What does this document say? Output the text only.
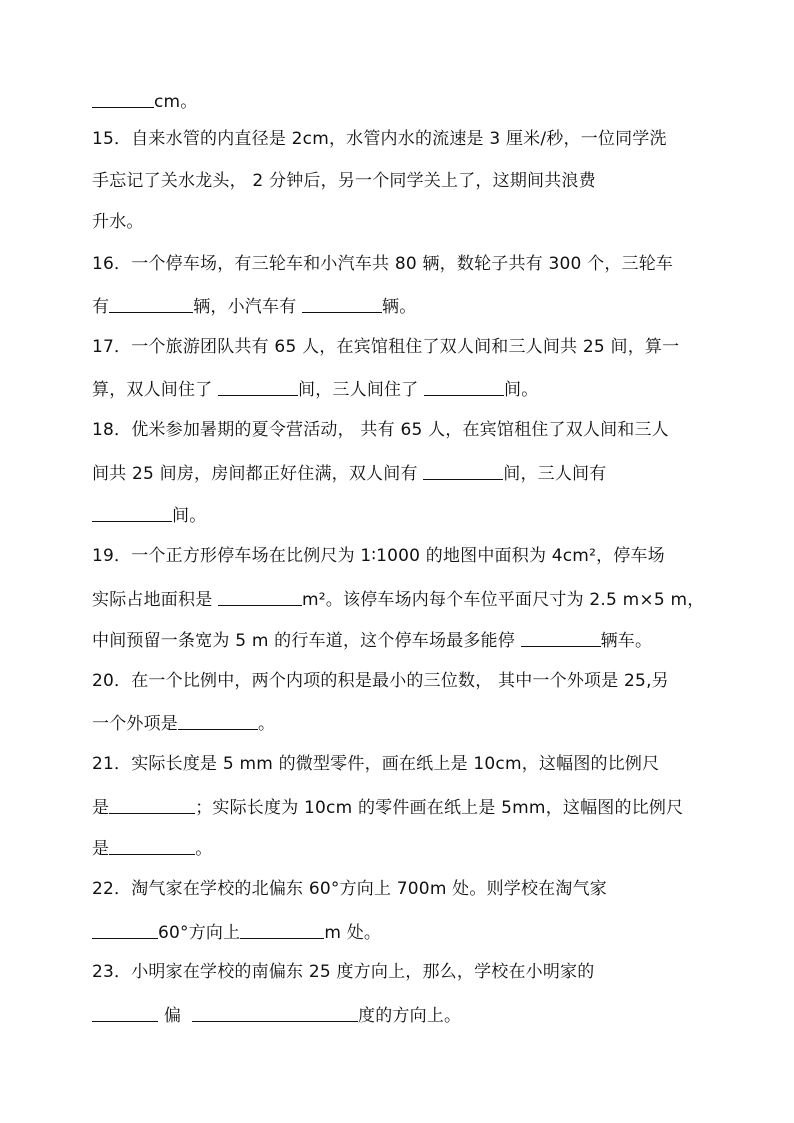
cm。
15．自来水管的内直径是 2cm，水管内水的流速是 3 厘米/秒，一位同学洗
手忘记了关水龙头， 2 分钟后，另一个同学关上了，这期间共浪费
升水。
16．一个停车场，有三轮车和小汽车共 80 辆，数轮子共有 300 个，三轮车
有	辆，小汽车有	辆。
17．一个旅游团队共有 65 人，在宾馆租住了双人间和三人间共 25 间，算一
算，双人间住了	间，三人间住了	间。
18．优米参加暑期的夏令营活动， 共有 65 人，在宾馆租住了双人间和三人
间共 25 间房，房间都正好住满，双人间有	间，三人间有
间。
19．一个正方形停车场在比例尺为 1∶1000 的地图中面积为 4cm²，停车场
实际占地面积是	m²。该停车场内每个车位平面尺寸为 2.5 m×5 m，
中间预留一条宽为 5 m 的行车道，这个停车场最多能停	辆车。
20．在一个比例中，两个内项的积是最小的三位数， 其中一个外项是 25,另
一个外项是	。
21．实际长度是 5 mm 的微型零件，画在纸上是 10cm，这幅图的比例尺
是	；实际长度为 10cm 的零件画在纸上是 5mm，这幅图的比例尺
是	。
22．淘气家在学校的北偏东 60°方向上 700m 处。则学校在淘气家
60°方向上	m 处。
23．小明家在学校的南偏东 25 度方向上，那么，学校在小明家的
偏	度的方向上。
